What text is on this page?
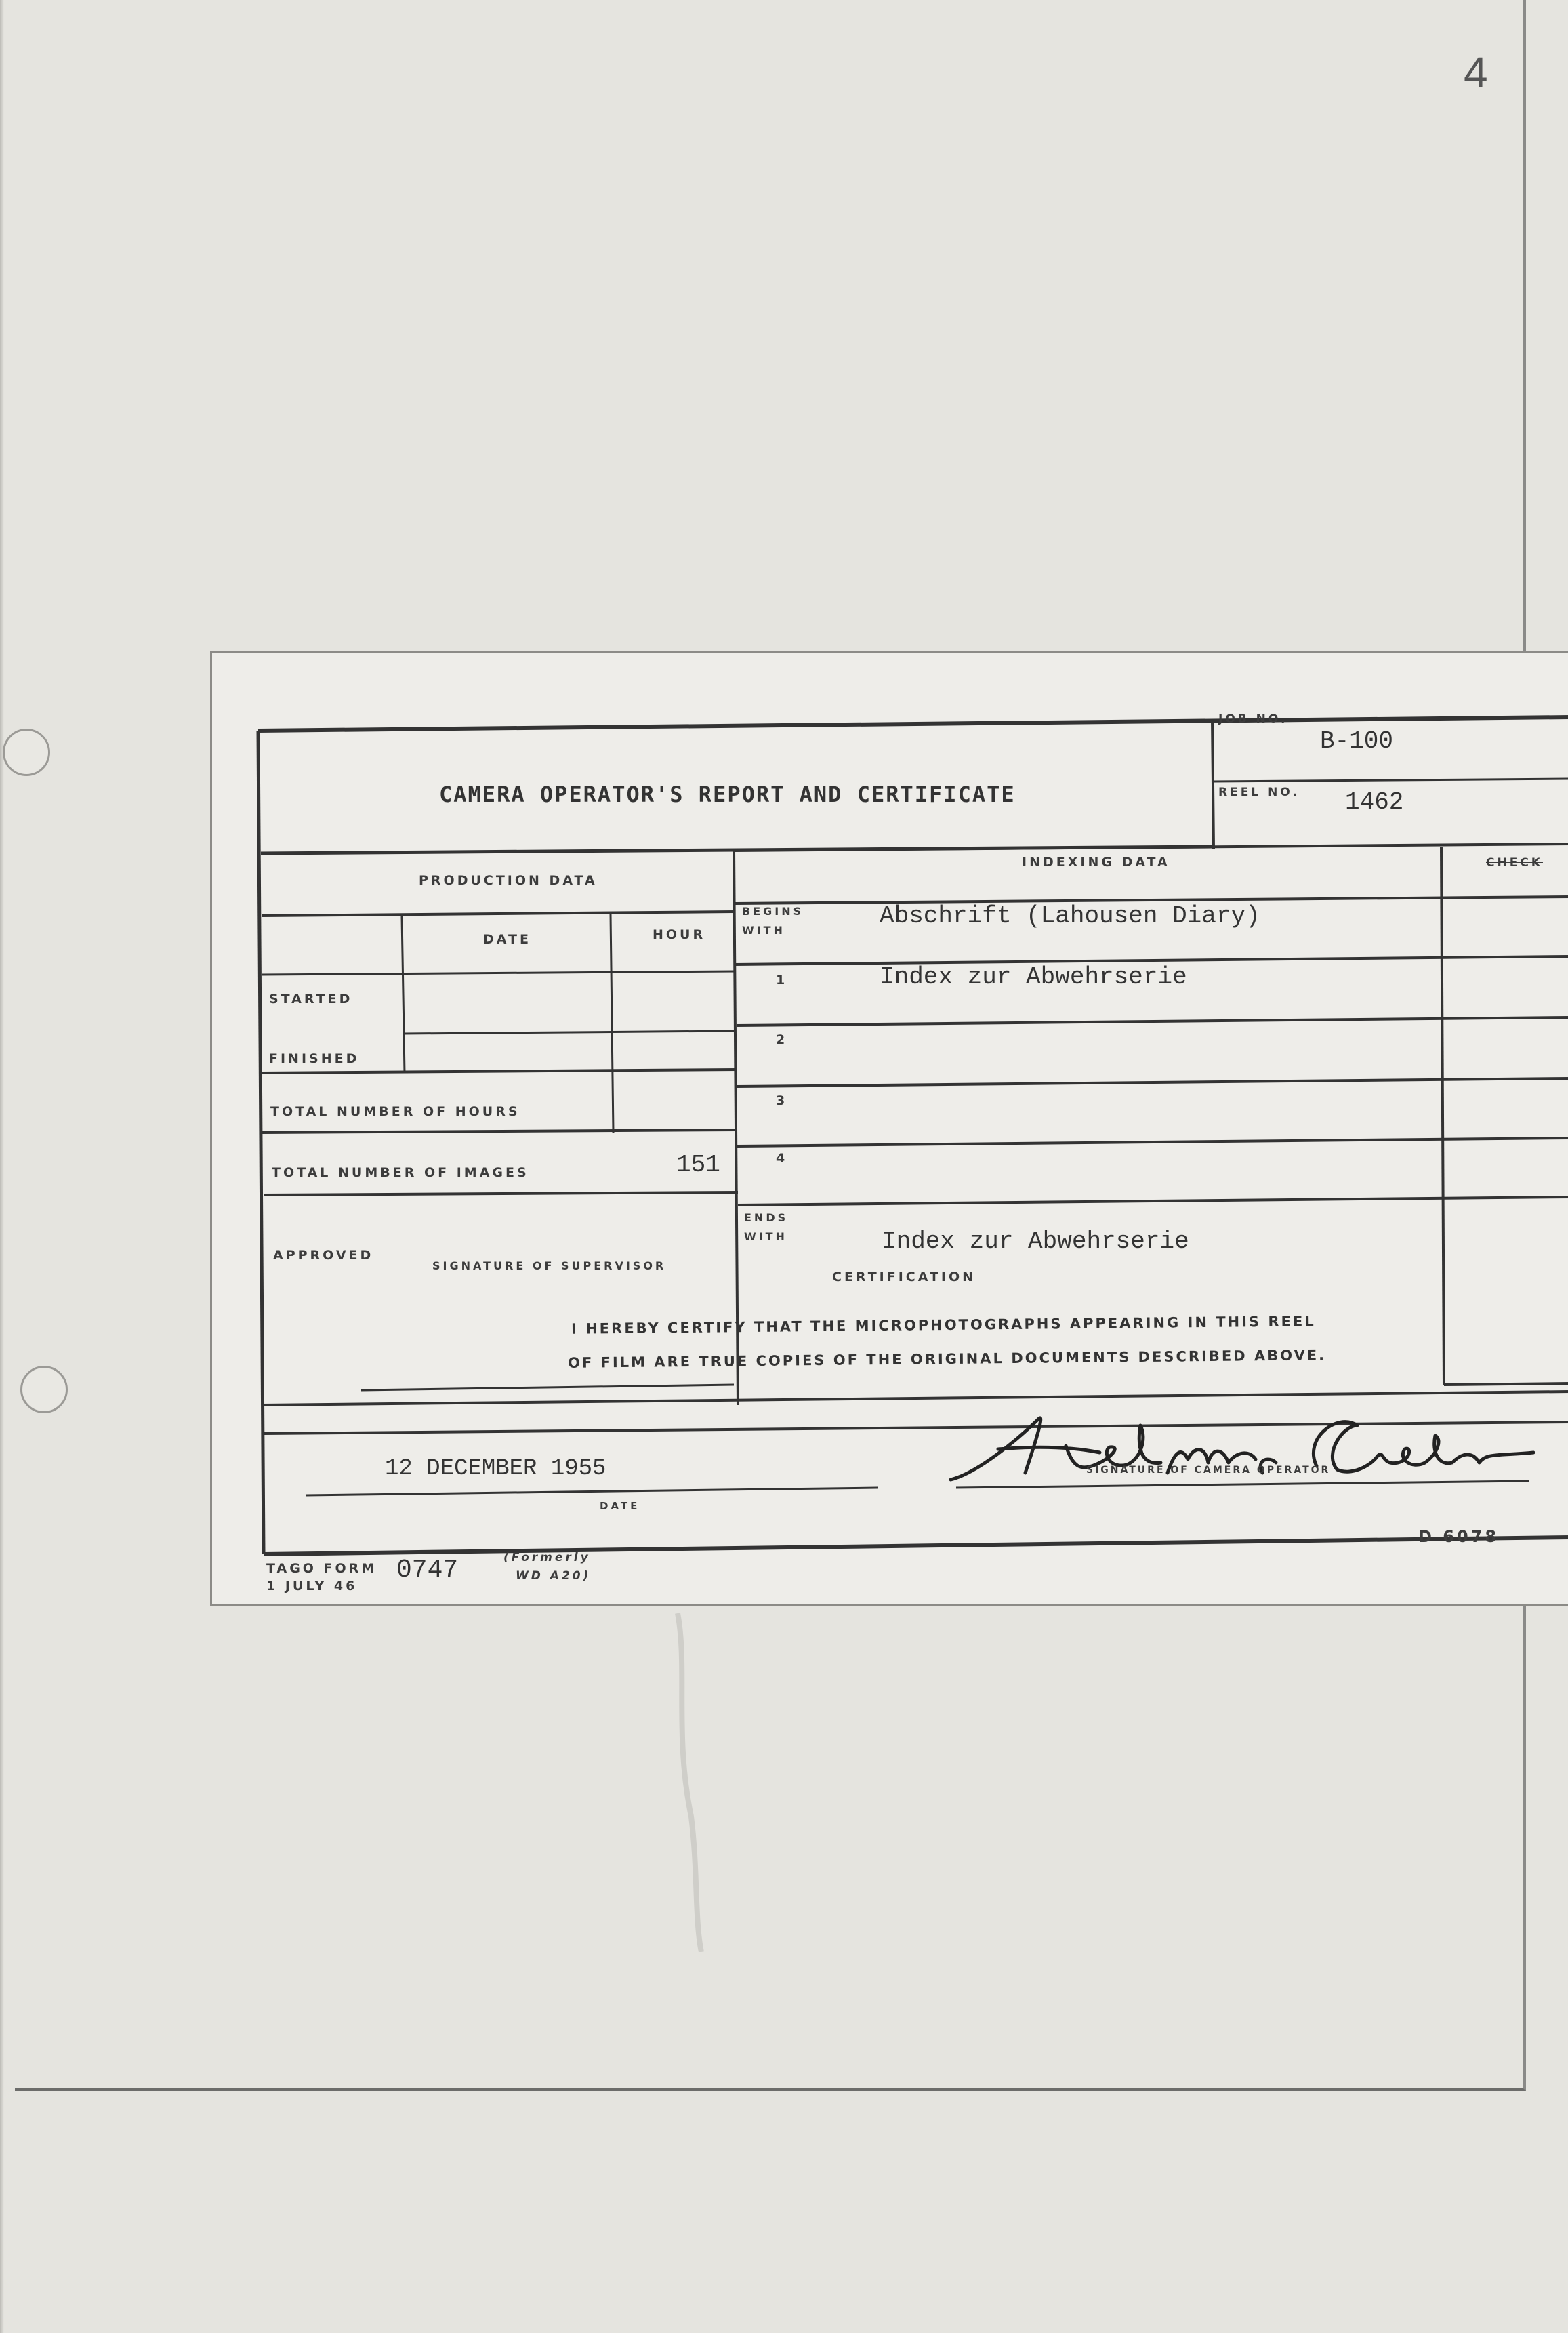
4
CAMERA OPERATOR'S REPORT AND CERTIFICATE
JOB NO.
B-100
REEL NO. 1462
CHECK
PRODUCTION DATA
DATE	HOUR
STARTED
FINISHED
TOTAL NUMBER OF HOURS
TOTAL NUMBER OF IMAGES	151
APPROVED
SIGNATURE OF SUPERVISOR
INDEXING DATA
BEGINS WITH
Abschrift (Lahousen Diary)
1	Index zur Abwehrserie
2
3
4
ENDS WITH	Index zur Abwehrserie
CERTIFICATION
I HEREBY CERTIFY THAT THE MICROPHOTOGRAPHS APPEARING IN THIS REEL
OF FILM ARE TRUE COPIES OF THE ORIGINAL DOCUMENTS DESCRIBED ABOVE.
12 DECEMBER 1955
DATE
SIGNATURE OF CAMERA OPERATOR
TAGO FORM
1 JULY 46
0747	(Formerly
WD A20)
D 6078
